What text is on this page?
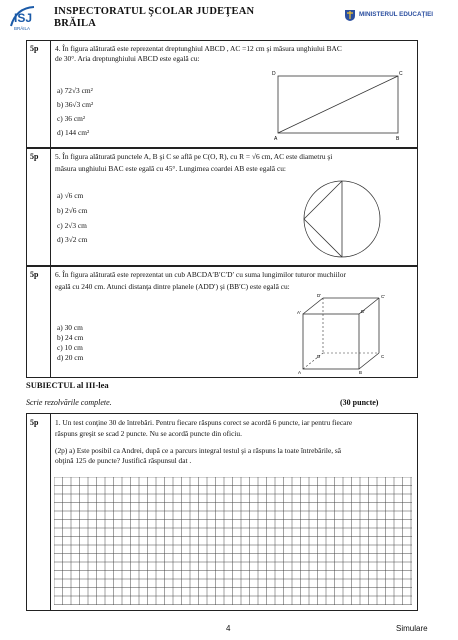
ISJ
BRĂILA
INSPECTORATUL ŞCOLAR JUDEŢEAN
BRĂILA
MINISTERUL EDUCAŢIEI
5p 4. În figura alăturată este reprezentat dreptunghiul ABCD , AC =12 cm şi măsura unghiului BAC
de 30°. Aria dreptunghiului ABCD este egală cu:
a) 72√3 cm²
b) 36√3 cm²
c) 36 cm²
d) 144 cm²
D	C
A	B
5p 5. În figura alăturată punctele A, B şi C se află pe C(O, R), cu R = √6 cm, AC este diametru şi
măsura unghiului BAC este egală cu 45°. Lungimea coardei AB este egală cu:
a) √6 cm
b) 2√6 cm
c) 2√3 cm
d) 3√2 cm
5p 6. În figura alăturată este reprezentat un cub ABCDA′B′C′D′ cu suma lungimilor tuturor muchiilor
egală cu 240 cm. Atunci distanţa dintre planele (ADD′) şi (BB′C) este egală cu:
a) 30 cm
b) 24 cm
c) 10 cm
d) 20 cm
A'	B'
C'
D'
A	B
C
D
SUBIECTUL al III-lea
Scrie rezolvările complete.	(30 puncte)
5p 1. Un test conţine 30 de întrebări. Pentru fiecare răspuns corect se acordă 6 puncte, iar pentru fiecare
răspuns greşit se scad 2 puncte. Nu se acordă puncte din oficiu.
(2p) a) Este posibil ca Andrei, după ce a parcurs integral testul şi a răspuns la toate întrebările, să
obţină 125 de puncte? Justifică răspunsul dat .
4	Simulare
